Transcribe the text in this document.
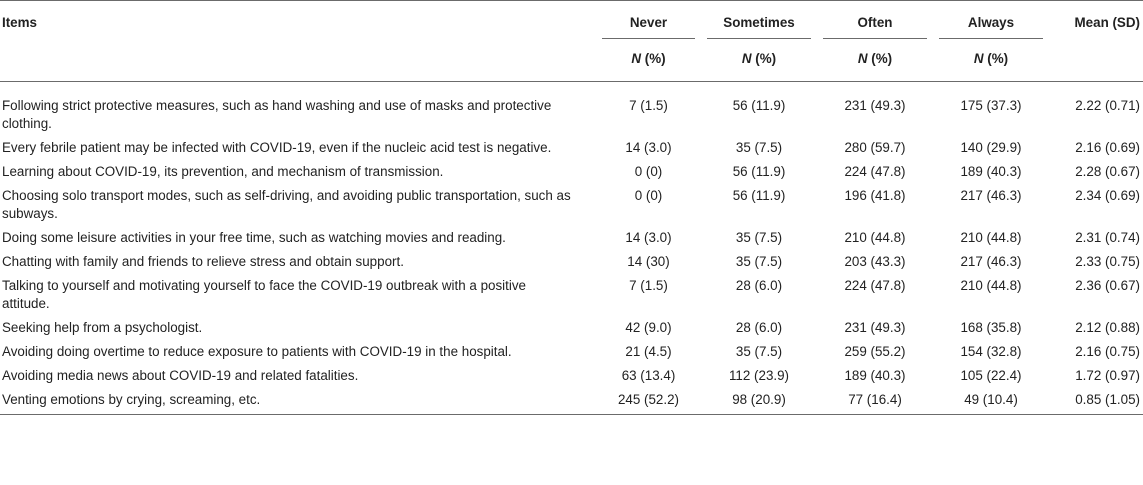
Items	Never	Sometimes	Often	Always	Mean (SD)
	N (%)	N (%)	N (%)	N (%)	
Following strict protective measures, such as hand washing and use of masks and protective clothing.	7 (1.5)	56 (11.9)	231 (49.3)	175 (37.3)	2.22 (0.71)
Every febrile patient may be infected with COVID-19, even if the nucleic acid test is negative.	14 (3.0)	35 (7.5)	280 (59.7)	140 (29.9)	2.16 (0.69)
Learning about COVID-19, its prevention, and mechanism of transmission.	0 (0)	56 (11.9)	224 (47.8)	189 (40.3)	2.28 (0.67)
Choosing solo transport modes, such as self-driving, and avoiding public transportation, such as subways.	0 (0)	56 (11.9)	196 (41.8)	217 (46.3)	2.34 (0.69)
Doing some leisure activities in your free time, such as watching movies and reading.	14 (3.0)	35 (7.5)	210 (44.8)	210 (44.8)	2.31 (0.74)
Chatting with family and friends to relieve stress and obtain support.	14 (30)	35 (7.5)	203 (43.3)	217 (46.3)	2.33 (0.75)
Talking to yourself and motivating yourself to face the COVID-19 outbreak with a positive attitude.	7 (1.5)	28 (6.0)	224 (47.8)	210 (44.8)	2.36 (0.67)
Seeking help from a psychologist.	42 (9.0)	28 (6.0)	231 (49.3)	168 (35.8)	2.12 (0.88)
Avoiding doing overtime to reduce exposure to patients with COVID-19 in the hospital.	21 (4.5)	35 (7.5)	259 (55.2)	154 (32.8)	2.16 (0.75)
Avoiding media news about COVID-19 and related fatalities.	63 (13.4)	112 (23.9)	189 (40.3)	105 (22.4)	1.72 (0.97)
Venting emotions by crying, screaming, etc.	245 (52.2)	98 (20.9)	77 (16.4)	49 (10.4)	0.85 (1.05)
